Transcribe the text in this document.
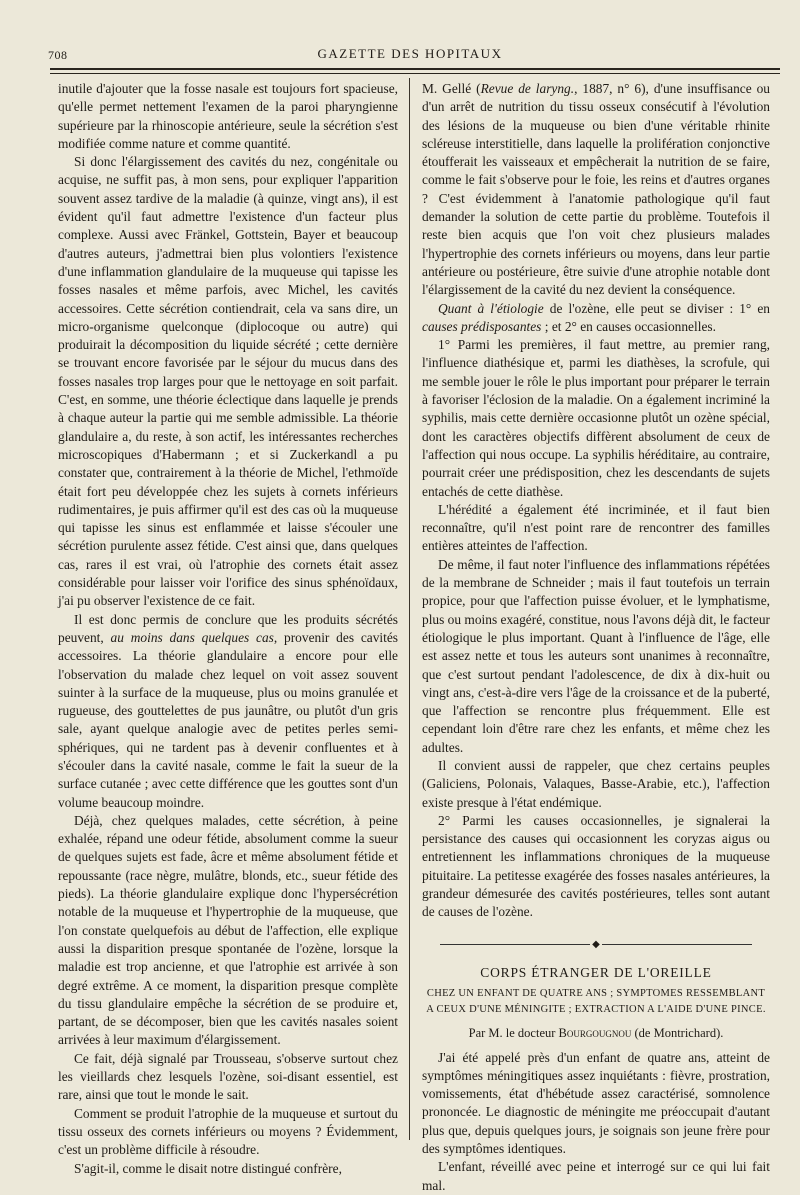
708	GAZETTE DES HOPITAUX

inutile d'ajouter que la fosse nasale est toujours fort spacieuse, qu'elle permet nettement l'examen de la paroi pharyngienne supérieure par la rhinoscopie antérieure, seule la sécrétion s'est modifiée comme nature et comme quantité.

Si donc l'élargissement des cavités du nez, congénitale ou acquise, ne suffit pas, à mon sens, pour expliquer l'apparition souvent assez tardive de la maladie (à quinze, vingt ans), il est évident qu'il faut admettre l'existence d'un facteur plus complexe. Aussi avec Fränkel, Gottstein, Bayer et beaucoup d'autres auteurs, j'admettrai bien plus volontiers l'existence d'une inflammation glandulaire de la muqueuse qui tapisse les fosses nasales et même parfois, avec Michel, les cavités accessoires. Cette sécrétion contiendrait, cela va sans dire, un micro-organisme quelconque (diplocoque ou autre) qui produirait la décomposition du liquide sécrété ; cette dernière se trouvant encore favorisée par le séjour du mucus dans des fosses nasales trop larges pour que le nettoyage en soit parfait. C'est, en somme, une théorie éclectique dans laquelle je prends à chaque auteur la partie qui me semble admissible. La théorie glandulaire a, du reste, à son actif, les intéressantes recherches microscopiques d'Habermann ; et si Zuckerkandl a pu constater que, contrairement à la théorie de Michel, l'ethmoïde était fort peu développée chez les sujets à cornets inférieurs rudimentaires, je puis affirmer qu'il est des cas où la muqueuse qui tapisse les sinus est enflammée et laisse s'écouler une sécrétion purulente assez fétide. C'est ainsi que, dans quelques cas, rares il est vrai, où l'atrophie des cornets était assez considérable pour laisser voir l'orifice des sinus sphénoïdaux, j'ai pu observer l'existence de ce fait.

Il est donc permis de conclure que les produits sécrétés peuvent, au moins dans quelques cas, provenir des cavités accessoires. La théorie glandulaire a encore pour elle l'observation du malade chez lequel on voit assez souvent suinter à la surface de la muqueuse, plus ou moins granulée et rugueuse, des gouttelettes de pus jaunâtre, ou plutôt d'un gris sale, ayant quelque analogie avec de petites perles semi-sphériques, qui ne tardent pas à devenir confluentes et à s'écouler dans la cavité nasale, comme le fait la sueur de la surface cutanée ; avec cette différence que les gouttes sont d'un volume beaucoup moindre.

Déjà, chez quelques malades, cette sécrétion, à peine exhalée, répand une odeur fétide, absolument comme la sueur de quelques sujets est fade, âcre et même absolument fétide et repoussante (race nègre, mulâtre, blonds, etc., sueur fétide des pieds). La théorie glandulaire explique donc l'hypersécrétion notable de la muqueuse et l'hypertrophie de la muqueuse, que l'on constate quelquefois au début de l'affection, elle explique aussi la disparition presque spontanée de l'ozène, lorsque la maladie est trop ancienne, et que l'atrophie est arrivée à son degré extrême. A ce moment, la disparition presque complète du tissu glandulaire empêche la sécrétion de se produire et, partant, de se décomposer, bien que les cavités nasales soient arrivées à leur maximum d'élargissement.

Ce fait, déjà signalé par Trousseau, s'observe surtout chez les vieillards chez lesquels l'ozène, soi-disant essentiel, est rare, ainsi que tout le monde le sait.

Comment se produit l'atrophie de la muqueuse et surtout du tissu osseux des cornets inférieurs ou moyens ? Évidemment, c'est un problème difficile à résoudre.

S'agit-il, comme le disait notre distingué confrère,

M. Gellé (Revue de laryng., 1887, n° 6), d'une insuffisance ou d'un arrêt de nutrition du tissu osseux consécutif à l'évolution des lésions de la muqueuse ou bien d'une véritable rhinite scléreuse interstitielle, dans laquelle la prolifération conjonctive étoufferait les vaisseaux et empêcherait la nutrition de se faire, comme le fait s'observe pour le foie, les reins et d'autres organes ? C'est évidemment à l'anatomie pathologique qu'il faut demander la solution de cette partie du problème. Toutefois il reste bien acquis que l'on voit chez plusieurs malades l'hypertrophie des cornets inférieurs ou moyens, dans leur partie antérieure ou postérieure, être suivie d'une atrophie notable dont l'élargissement de la cavité du nez devient la conséquence.

Quant à l'étiologie de l'ozène, elle peut se diviser : 1° en causes prédisposantes ; et 2° en causes occasionnelles.

1° Parmi les premières, il faut mettre, au premier rang, l'influence diathésique et, parmi les diathèses, la scrofule, qui me semble jouer le rôle le plus important pour préparer le terrain à favoriser l'éclosion de la maladie. On a également incriminé la syphilis, mais cette dernière occasionne plutôt un ozène spécial, dont les caractères objectifs diffèrent absolument de ceux de l'affection qui nous occupe. La syphilis héréditaire, au contraire, pourrait créer une prédisposition, chez les descendants de sujets entachés de cette diathèse.

L'hérédité a également été incriminée, et il faut bien reconnaître, qu'il n'est point rare de rencontrer des familles entières atteintes de l'affection.

De même, il faut noter l'influence des inflammations répétées de la membrane de Schneider ; mais il faut toutefois un terrain propice, pour que l'affection puisse évoluer, et le lymphatisme, plus ou moins exagéré, constitue, nous l'avons déjà dit, le facteur étiologique le plus important. Quant à l'influence de l'âge, elle est assez nette et tous les auteurs sont unanimes à reconnaître, que c'est surtout pendant l'adolescence, de dix à dix-huit ou vingt ans, c'est-à-dire vers l'âge de la croissance et de la puberté, que l'affection se rencontre plus fréquemment. Elle est cependant loin d'être rare chez les enfants, et même chez les adultes.

Il convient aussi de rappeler, que chez certains peuples (Galiciens, Polonais, Valaques, Basse-Arabie, etc.), l'affection existe presque à l'état endémique.

2° Parmi les causes occasionnelles, je signalerai la persistance des causes qui occasionnent les coryzas aigus ou entretiennent les inflammations chroniques de la muqueuse pituitaire. La petitesse exagérée des fosses nasales antérieures, la grandeur démesurée des cavités postérieures, telles sont autant de causes de l'ozène.

◆
CORPS ÉTRANGER DE L'OREILLE
CHEZ UN ENFANT DE QUATRE ANS ; SYMPTOMES RESSEMBLANT A CEUX D'UNE MÉNINGITE ; EXTRACTION A L'AIDE D'UNE PINCE.
Par M. le docteur Bourgougnou (de Montrichard).

J'ai été appelé près d'un enfant de quatre ans, atteint de symptômes méningitiques assez inquiétants : fièvre, prostration, vomissements, état d'hébétude assez caractérisé, somnolence prononcée. Le diagnostic de méningite me préoccupait d'autant plus que, depuis quelques jours, je soignais son jeune frère pour des symptômes identiques.

L'enfant, réveillé avec peine et interrogé sur ce qui lui fait mal.
